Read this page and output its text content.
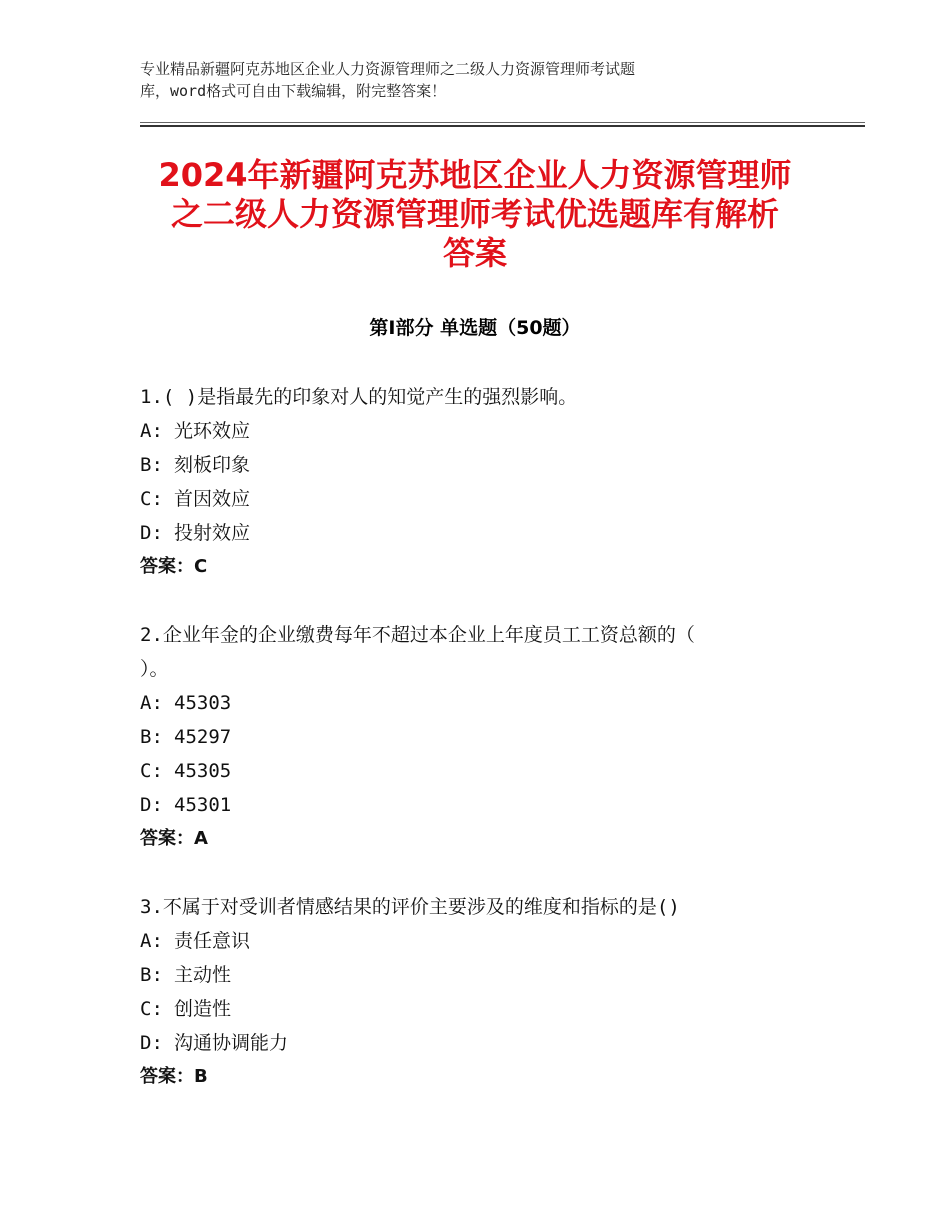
专业精品新疆阿克苏地区企业人力资源管理师之二级人力资源管理师考试题
库，word格式可自由下载编辑，附完整答案！
2024年新疆阿克苏地区企业人力资源管理师
之二级人力资源管理师考试优选题库有解析
答案
第Ⅰ部分 单选题（50题）
1.( )是指最先的印象对人的知觉产生的强烈影响。
A: 光环效应
B: 刻板印象
C: 首因效应
D: 投射效应
答案：C
2.企业年金的企业缴费每年不超过本企业上年度员工工资总额的（
）。
A: 45303
B: 45297
C: 45305
D: 45301
答案：A
3.不属于对受训者情感结果的评价主要涉及的维度和指标的是()
A: 责任意识
B: 主动性
C: 创造性
D: 沟通协调能力
答案：B
